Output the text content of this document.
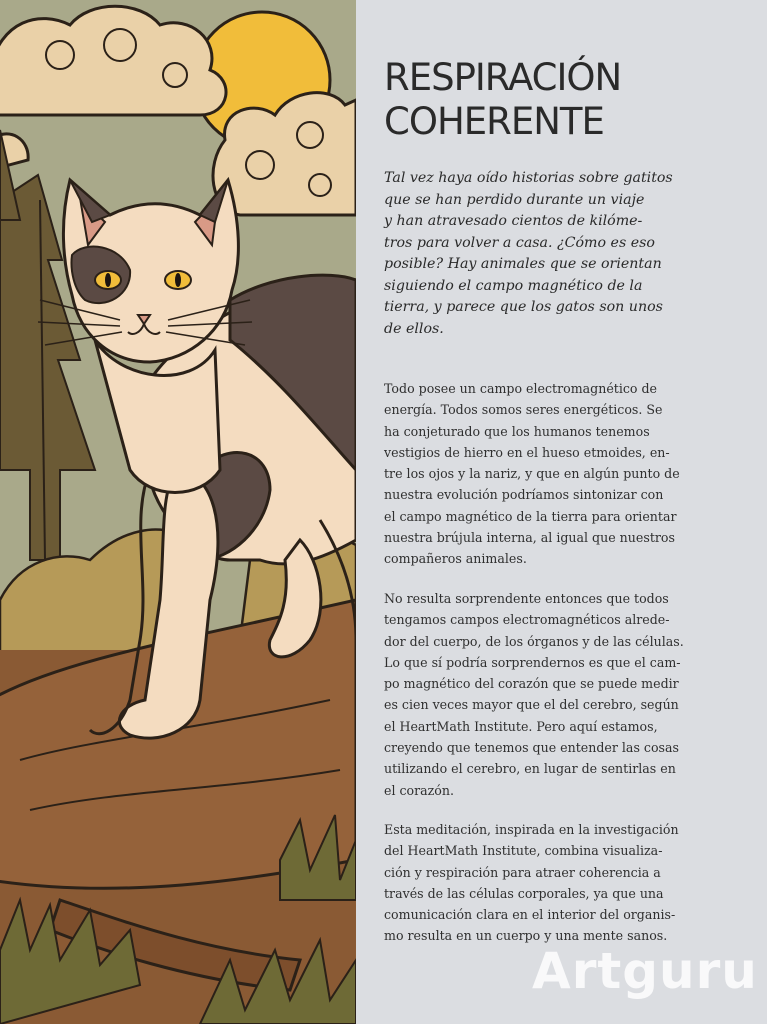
RESPIRACIÓN
COHERENTE

Tal vez haya oído historias sobre gatitos
que se han perdido durante un viaje
y han atravesado cientos de kilóme-
tros para volver a casa. ¿Cómo es eso
posible? Hay animales que se orientan
siguiendo el campo magnético de la
tierra, y parece que los gatos son unos
de ellos.

Todo posee un campo electromagnético de
energía. Todos somos seres energéticos. Se
ha conjeturado que los humanos tenemos
vestigios de hierro en el hueso etmoides, en-
tre los ojos y la nariz, y que en algún punto de
nuestra evolución podríamos sintonizar con
el campo magnético de la tierra para orientar
nuestra brújula interna, al igual que nuestros
compañeros animales.

No resulta sorprendente entonces que todos
tengamos campos electromagnéticos alrede-
dor del cuerpo, de los órganos y de las células.
Lo que sí podría sorprendernos es que el cam-
po magnético del corazón que se puede medir
es cien veces mayor que el del cerebro, según
el HeartMath Institute. Pero aquí estamos,
creyendo que tenemos que entender las cosas
utilizando el cerebro, en lugar de sentirlas en
el corazón.

Esta meditación, inspirada en la investigación
del HeartMath Institute, combina visualiza-
ción y respiración para atraer coherencia a
través de las células corporales, ya que una
comunicación clara en el interior del organis-
mo resulta en un cuerpo y una mente sanos.

Artguru
